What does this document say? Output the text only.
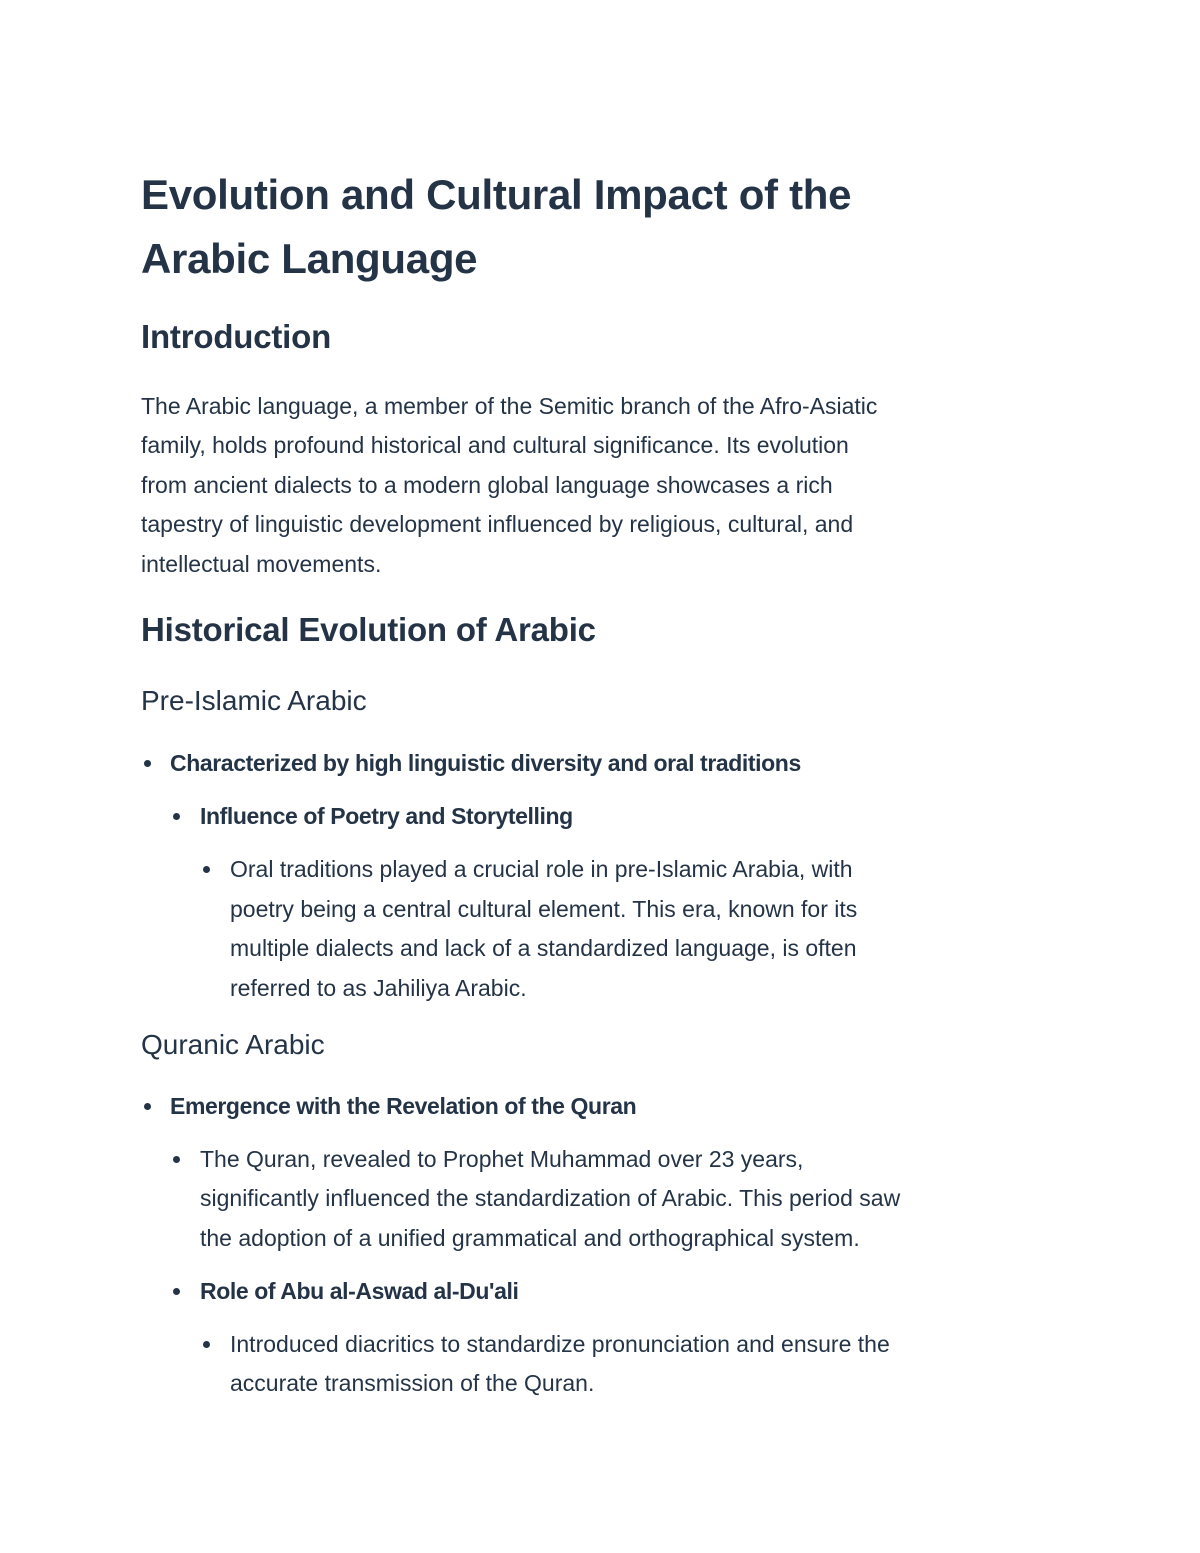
Evolution and Cultural Impact of the
Arabic Language
Introduction
The Arabic language, a member of the Semitic branch of the Afro-Asiatic
family, holds profound historical and cultural significance. Its evolution
from ancient dialects to a modern global language showcases a rich
tapestry of linguistic development influenced by religious, cultural, and
intellectual movements.
Historical Evolution of Arabic
Pre-Islamic Arabic
Characterized by high linguistic diversity and oral traditions
Influence of Poetry and Storytelling
Oral traditions played a crucial role in pre-Islamic Arabia, with
poetry being a central cultural element. This era, known for its
multiple dialects and lack of a standardized language, is often
referred to as Jahiliya Arabic.
Quranic Arabic
Emergence with the Revelation of the Quran
The Quran, revealed to Prophet Muhammad over 23 years,
significantly influenced the standardization of Arabic. This period saw
the adoption of a unified grammatical and orthographical system.
Role of Abu al-Aswad al-Du'ali
Introduced diacritics to standardize pronunciation and ensure the
accurate transmission of the Quran.
